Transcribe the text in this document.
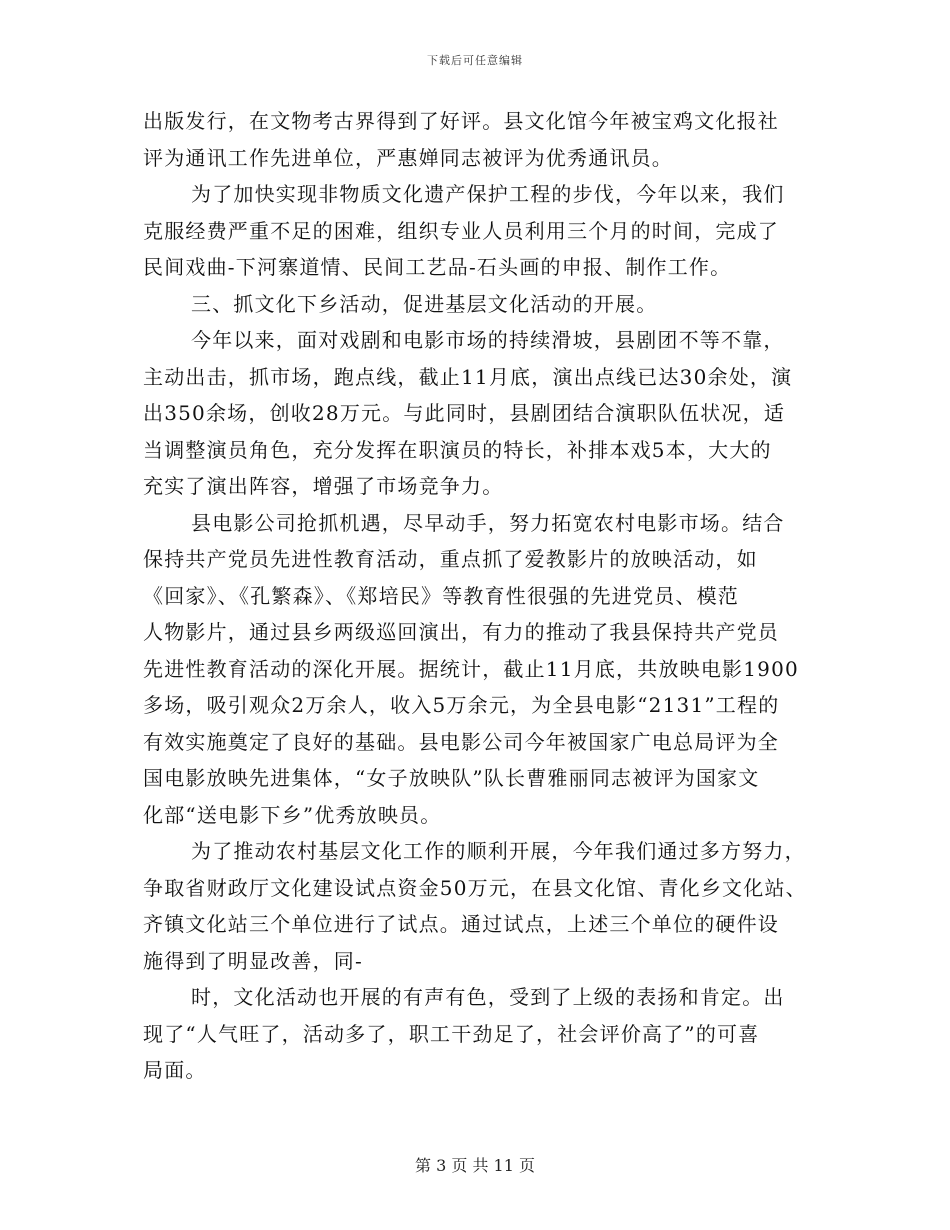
下载后可任意编辑
出版发行，在文物考古界得到了好评。县文化馆今年被宝鸡文化报社
评为通讯工作先进单位，严惠婵同志被评为优秀通讯员。
为了加快实现非物质文化遗产保护工程的步伐，今年以来，我们
克服经费严重不足的困难，组织专业人员利用三个月的时间，完成了
民间戏曲-下河寨道情、民间工艺品-石头画的申报、制作工作。
三、抓文化下乡活动，促进基层文化活动的开展。
今年以来，面对戏剧和电影市场的持续滑坡，县剧团不等不靠，
主动出击，抓市场，跑点线，截止11月底，演出点线已达30余处，演
出350余场，创收28万元。与此同时，县剧团结合演职队伍状况，适
当调整演员角色，充分发挥在职演员的特长，补排本戏5本，大大的
充实了演出阵容，增强了市场竞争力。
县电影公司抢抓机遇，尽早动手，努力拓宽农村电影市场。结合
保持共产党员先进性教育活动，重点抓了爱教影片的放映活动，如
《回家》、《孔繁森》、《郑培民》等教育性很强的先进党员、模范
人物影片，通过县乡两级巡回演出，有力的推动了我县保持共产党员
先进性教育活动的深化开展。据统计，截止11月底，共放映电影1900
多场，吸引观众2万余人，收入5万余元，为全县电影“2131”工程的
有效实施奠定了良好的基础。县电影公司今年被国家广电总局评为全
国电影放映先进集体，“女子放映队”队长曹雅丽同志被评为国家文
化部“送电影下乡”优秀放映员。
为了推动农村基层文化工作的顺利开展，今年我们通过多方努力，
争取省财政厅文化建设试点资金50万元，在县文化馆、青化乡文化站、
齐镇文化站三个单位进行了试点。通过试点，上述三个单位的硬件设
施得到了明显改善，同-
时，文化活动也开展的有声有色，受到了上级的表扬和肯定。出
现了“人气旺了，活动多了，职工干劲足了，社会评价高了”的可喜
局面。
第 3 页 共 11 页
